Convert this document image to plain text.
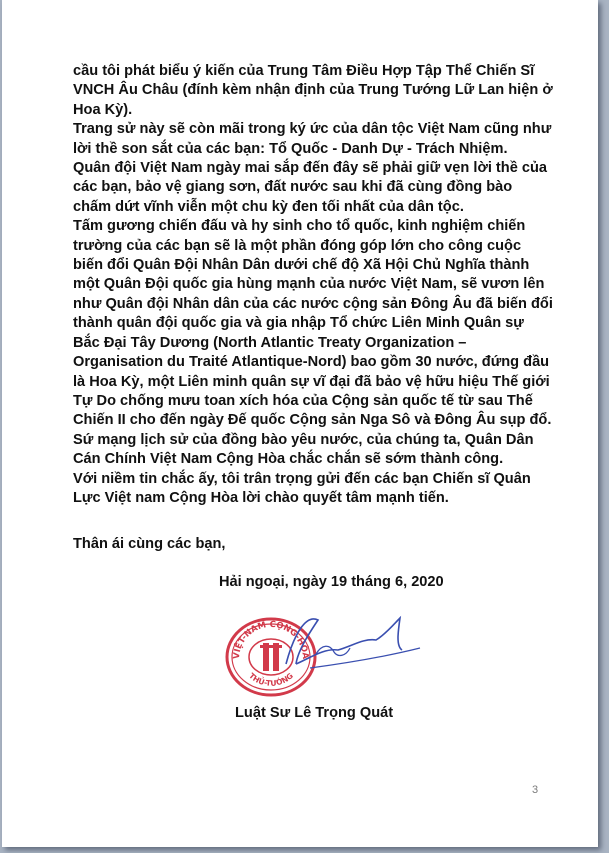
cầu tôi phát biểu ý kiến của Trung Tâm Điều Hợp Tập Thể Chiến Sĩ VNCH Âu Châu (đính kèm nhận định của Trung Tướng Lữ Lan hiện ở Hoa Kỳ).

Trang sử này sẽ còn mãi trong ký ức của dân tộc Việt Nam cũng như lời thề son sắt của các bạn: Tổ Quốc - Danh Dự - Trách Nhiệm.

Quân đội Việt Nam ngày mai sắp đến đây sẽ phải giữ vẹn lời thề của các bạn, bảo vệ giang sơn, đất nước sau khi đã cùng đồng bào chấm dứt vĩnh viễn một chu kỳ đen tối nhất của dân tộc.

Tấm gương chiến đấu và hy sinh cho tổ quốc, kinh nghiệm chiến trường của các bạn sẽ là một phần đóng góp lớn cho công cuộc biến đổi Quân Đội Nhân Dân dưới chế độ Xã Hội Chủ Nghĩa thành một Quân Đội quốc gia hùng mạnh của nước Việt Nam, sẽ vươn lên như Quân đội Nhân dân của các nước cộng sản Đông Âu đã biến đổi thành quân đội quốc gia và gia nhập Tổ chức Liên Minh Quân sự Bắc Đại Tây Dương (North Atlantic Treaty Organization – Organisation du Traité Atlantique-Nord) bao gồm 30 nước, đứng đầu là Hoa Kỳ, một Liên minh quân sự vĩ đại đã bảo vệ hữu hiệu Thế giới Tự Do chống mưu toan xích hóa của Cộng sản quốc tế từ sau Thế Chiến II cho đến ngày Đế quốc Cộng sản Nga Sô và Đông Âu sụp đổ.

Sứ mạng lịch sử của đồng bào yêu nước, của chúng ta, Quân Dân Cán Chính Việt Nam Cộng Hòa chắc chắn sẽ sớm thành công.

Với niềm tin chắc ấy, tôi trân trọng gửi đến các bạn Chiến sĩ Quân Lực Việt nam Cộng Hòa lời chào quyết tâm mạnh tiến.

Thân ái cùng các bạn,

Hải ngoại, ngày 19 tháng 6, 2020

VIỆT-NAM CỘNG-HÒA
THỦ-TƯỚNG

Luật Sư Lê Trọng Quát

3
